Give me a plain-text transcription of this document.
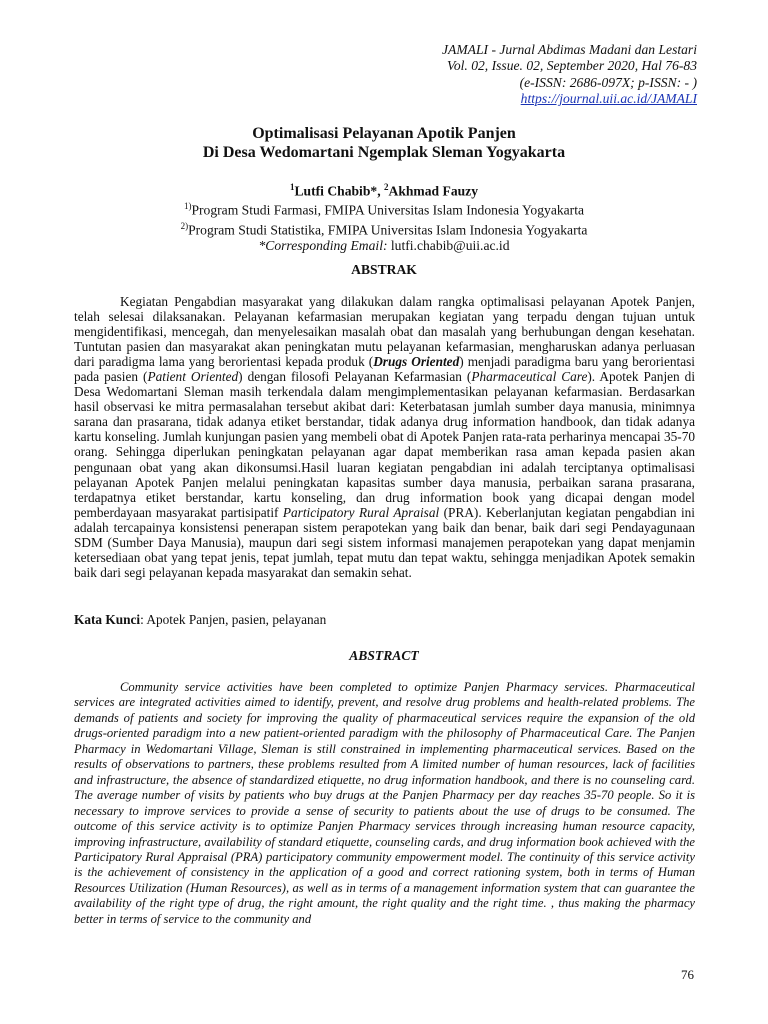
JAMALI - Jurnal Abdimas Madani dan Lestari
Vol. 02, Issue. 02, September 2020, Hal 76-83
(e-ISSN: 2686-097X; p-ISSN: - )
https://journal.uii.ac.id/JAMALI
Optimalisasi Pelayanan Apotik Panjen
Di Desa Wedomartani Ngemplak Sleman Yogyakarta
$^1$Lutfi Chabib*, $^2$Akhmad Fauzy
$^{1)}$Program Studi Farmasi, FMIPA Universitas Islam Indonesia Yogyakarta
$^{2)}$Program Studi Statistika, FMIPA Universitas Islam Indonesia Yogyakarta
*Corresponding Email: lutfi.chabib@uii.ac.id
ABSTRAK

Kegiatan Pengabdian masyarakat yang dilakukan dalam rangka optimalisasi pelayanan Apotek Panjen, telah selesai dilaksanakan. Pelayanan kefarmasian merupakan kegiatan yang terpadu dengan tujuan untuk mengidentifikasi, mencegah, dan menyelesaikan masalah obat dan masalah yang berhubungan dengan kesehatan. Tuntutan pasien dan masyarakat akan peningkatan mutu pelayanan kefarmasian, mengharuskan adanya perluasan dari paradigma lama yang berorientasi kepada produk (Drugs Oriented) menjadi paradigma baru yang berorientasi pada pasien (Patient Oriented) dengan filosofi Pelayanan Kefarmasian (Pharmaceutical Care). Apotek Panjen di Desa Wedomartani Sleman masih terkendala dalam mengimplementasikan pelayanan kefarmasian. Berdasarkan hasil observasi ke mitra permasalahan tersebut akibat dari: Keterbatasan jumlah sumber daya manusia, minimnya sarana dan prasarana, tidak adanya etiket berstandar, tidak adanya drug information handbook, dan tidak adanya kartu konseling. Jumlah kunjungan pasien yang membeli obat di Apotek Panjen rata-rata perharinya mencapai 35-70 orang. Sehingga diperlukan peningkatan pelayanan agar dapat memberikan rasa aman kepada pasien akan pengunaan obat yang akan dikonsumsi.Hasil luaran kegiatan pengabdian ini adalah terciptanya optimalisasi pelayanan Apotek Panjen melalui peningkatan kapasitas sumber daya manusia, perbaikan sarana prasarana, terdapatnya etiket berstandar, kartu konseling, dan drug information book yang dicapai dengan model pemberdayaan masyarakat partisipatif Participatory Rural Apraisal (PRA). Keberlanjutan kegiatan pengabdian ini adalah tercapainya konsistensi penerapan sistem perapotekan yang baik dan benar, baik dari segi Pendayagunaan SDM (Sumber Daya Manusia), maupun dari segi sistem informasi manajemen perapotekan yang dapat menjamin ketersediaan obat yang tepat jenis, tepat jumlah, tepat mutu dan tepat waktu, sehingga menjadikan Apotek semakin baik dari segi pelayanan kepada masyarakat dan semakin sehat.

Kata Kunci: Apotek Panjen, pasien, pelayanan
ABSTRACT

Community service activities have been completed to optimize Panjen Pharmacy services. Pharmaceutical services are integrated activities aimed to identify, prevent, and resolve drug problems and health-related problems. The demands of patients and society for improving the quality of pharmaceutical services require the expansion of the old drugs-oriented paradigm into a new patient-oriented paradigm with the philosophy of Pharmaceutical Care. The Panjen Pharmacy in Wedomartani Village, Sleman is still constrained in implementing pharmaceutical services. Based on the results of observations to partners, these problems resulted from A limited number of human resources, lack of facilities and infrastructure, the absence of standardized etiquette, no drug information handbook, and there is no counseling card. The average number of visits by patients who buy drugs at the Panjen Pharmacy per day reaches 35-70 people. So it is necessary to improve services to provide a sense of security to patients about the use of drugs to be consumed. The outcome of this service activity is to optimize Panjen Pharmacy services through increasing human resource capacity, improving infrastructure, availability of standard etiquette, counseling cards, and drug information book achieved with the Participatory Rural Appraisal (PRA) participatory community empowerment model. The continuity of this service activity is the achievement of consistency in the application of a good and correct rationing system, both in terms of Human Resources Utilization (Human Resources), as well as in terms of a management information system that can guarantee the availability of the right type of drug, the right amount, the right quality and the right time. , thus making the pharmacy better in terms of service to the community and

76
